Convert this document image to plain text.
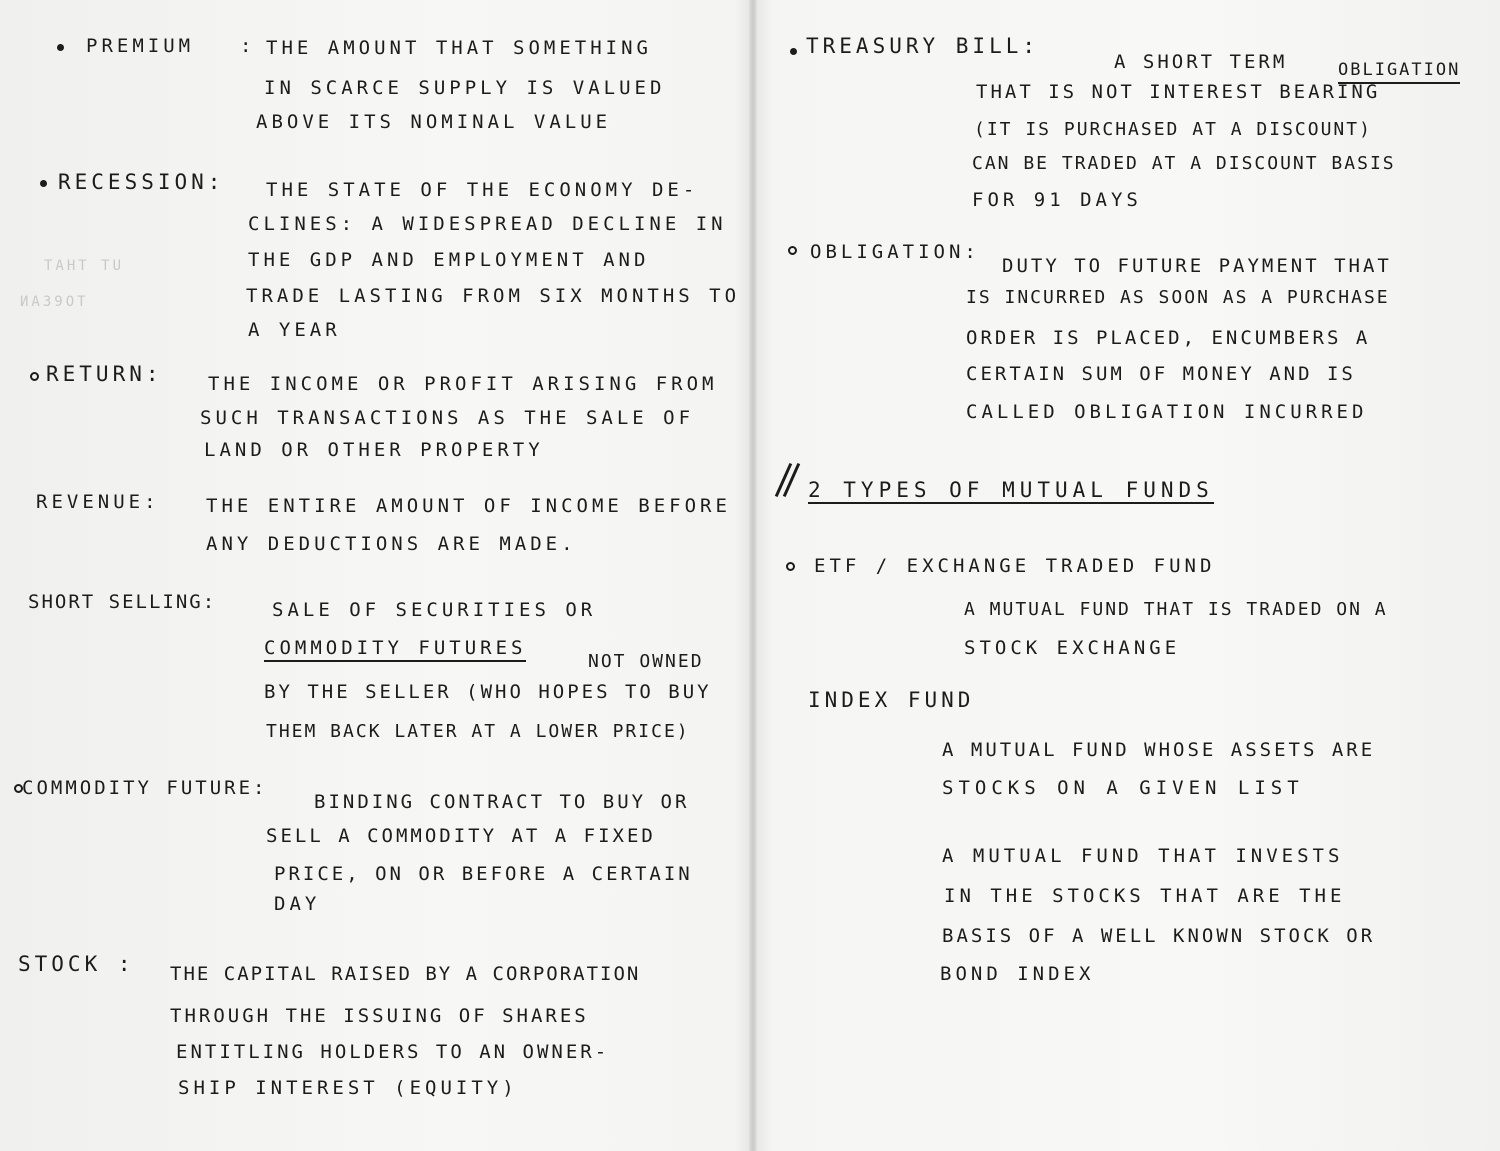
TAHT TU
ИАЗ9ОТ
PREMIUM : THE AMOUNT THAT SOMETHING
IN SCARCE SUPPLY IS VALUED
ABOVE ITS NOMINAL VALUE
RECESSION: THE STATE OF THE ECONOMY DE-
CLINES: A WIDESPREAD DECLINE IN
THE GDP AND EMPLOYMENT AND
TRADE LASTING FROM SIX MONTHS TO
A YEAR
RETURN: THE INCOME OR PROFIT ARISING FROM
SUCH TRANSACTIONS AS THE SALE OF
LAND OR OTHER PROPERTY
REVENUE: THE ENTIRE AMOUNT OF INCOME BEFORE
ANY DEDUCTIONS ARE MADE.
SHORT SELLING:	SALE OF SECURITIES OR
COMMODITY FUTURES
NOT OWNED
BY THE SELLER (WHO HOPES TO BUY
THEM BACK LATER AT A LOWER PRICE)
COMMODITY FUTURE:
BINDING CONTRACT TO BUY OR
SELL A COMMODITY AT A FIXED
PRICE, ON OR BEFORE A CERTAIN
DAY
STOCK : THE CAPITAL RAISED BY A CORPORATION
THROUGH THE ISSUING OF SHARES
ENTITLING HOLDERS TO AN OWNER-
SHIP INTEREST (EQUITY)
TREASURY BILL:
A SHORT TERM	OBLIGATION
THAT IS NOT INTEREST BEARING
(IT IS PURCHASED AT A DISCOUNT)
CAN BE TRADED AT A DISCOUNT BASIS
FOR 91 DAYS
OBLIGATION:
DUTY TO FUTURE PAYMENT THAT
IS INCURRED AS SOON AS A PURCHASE
ORDER IS PLACED, ENCUMBERS A
CERTAIN SUM OF MONEY AND IS
CALLED OBLIGATION INCURRED
2 TYPES OF MUTUAL FUNDS
ETF / EXCHANGE TRADED FUND
A MUTUAL FUND THAT IS TRADED ON A
STOCK EXCHANGE
INDEX FUND
A MUTUAL FUND WHOSE ASSETS ARE
STOCKS ON A GIVEN LIST
A MUTUAL FUND THAT INVESTS
IN THE STOCKS THAT ARE THE
BASIS OF A WELL KNOWN STOCK OR
BOND INDEX
